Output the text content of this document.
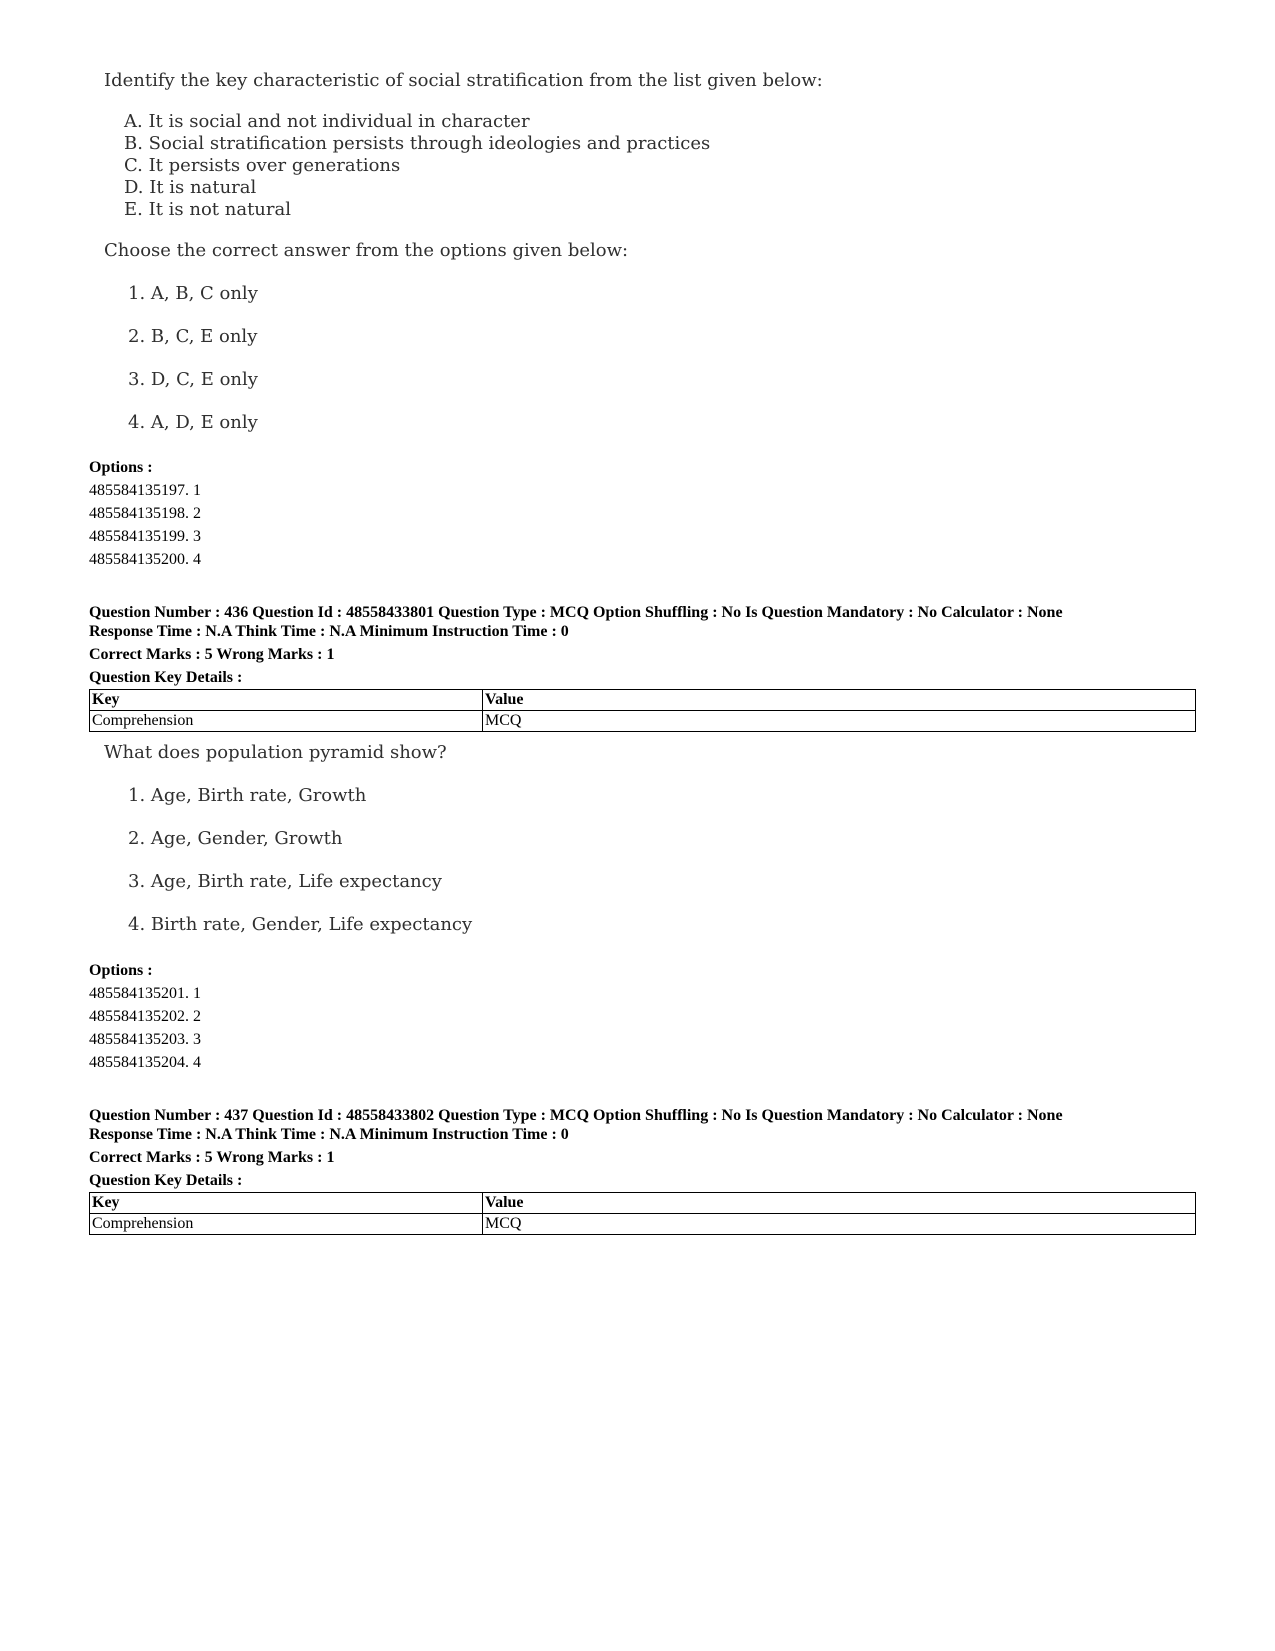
Identify the key characteristic of social stratification from the list given below:
A. It is social and not individual in character
B. Social stratification persists through ideologies and practices
C. It persists over generations
D. It is natural
E. It is not natural
Choose the correct answer from the options given below:
1. A, B, C only
2. B, C, E only
3. D, C, E only
4. A, D, E only
Options :
485584135197. 1
485584135198. 2
485584135199. 3
485584135200. 4
Question Number : 436 Question Id : 48558433801 Question Type : MCQ Option Shuffling : No Is Question Mandatory : No Calculator : None
Response Time : N.A Think Time : N.A Minimum Instruction Time : 0
Correct Marks : 5 Wrong Marks : 1
Question Key Details :
Key	Value
Comprehension	MCQ
What does population pyramid show?
1. Age, Birth rate, Growth
2. Age, Gender, Growth
3. Age, Birth rate, Life expectancy
4. Birth rate, Gender, Life expectancy
Options :
485584135201. 1
485584135202. 2
485584135203. 3
485584135204. 4
Question Number : 437 Question Id : 48558433802 Question Type : MCQ Option Shuffling : No Is Question Mandatory : No Calculator : None
Response Time : N.A Think Time : N.A Minimum Instruction Time : 0
Correct Marks : 5 Wrong Marks : 1
Question Key Details :
Key	Value
Comprehension	MCQ
